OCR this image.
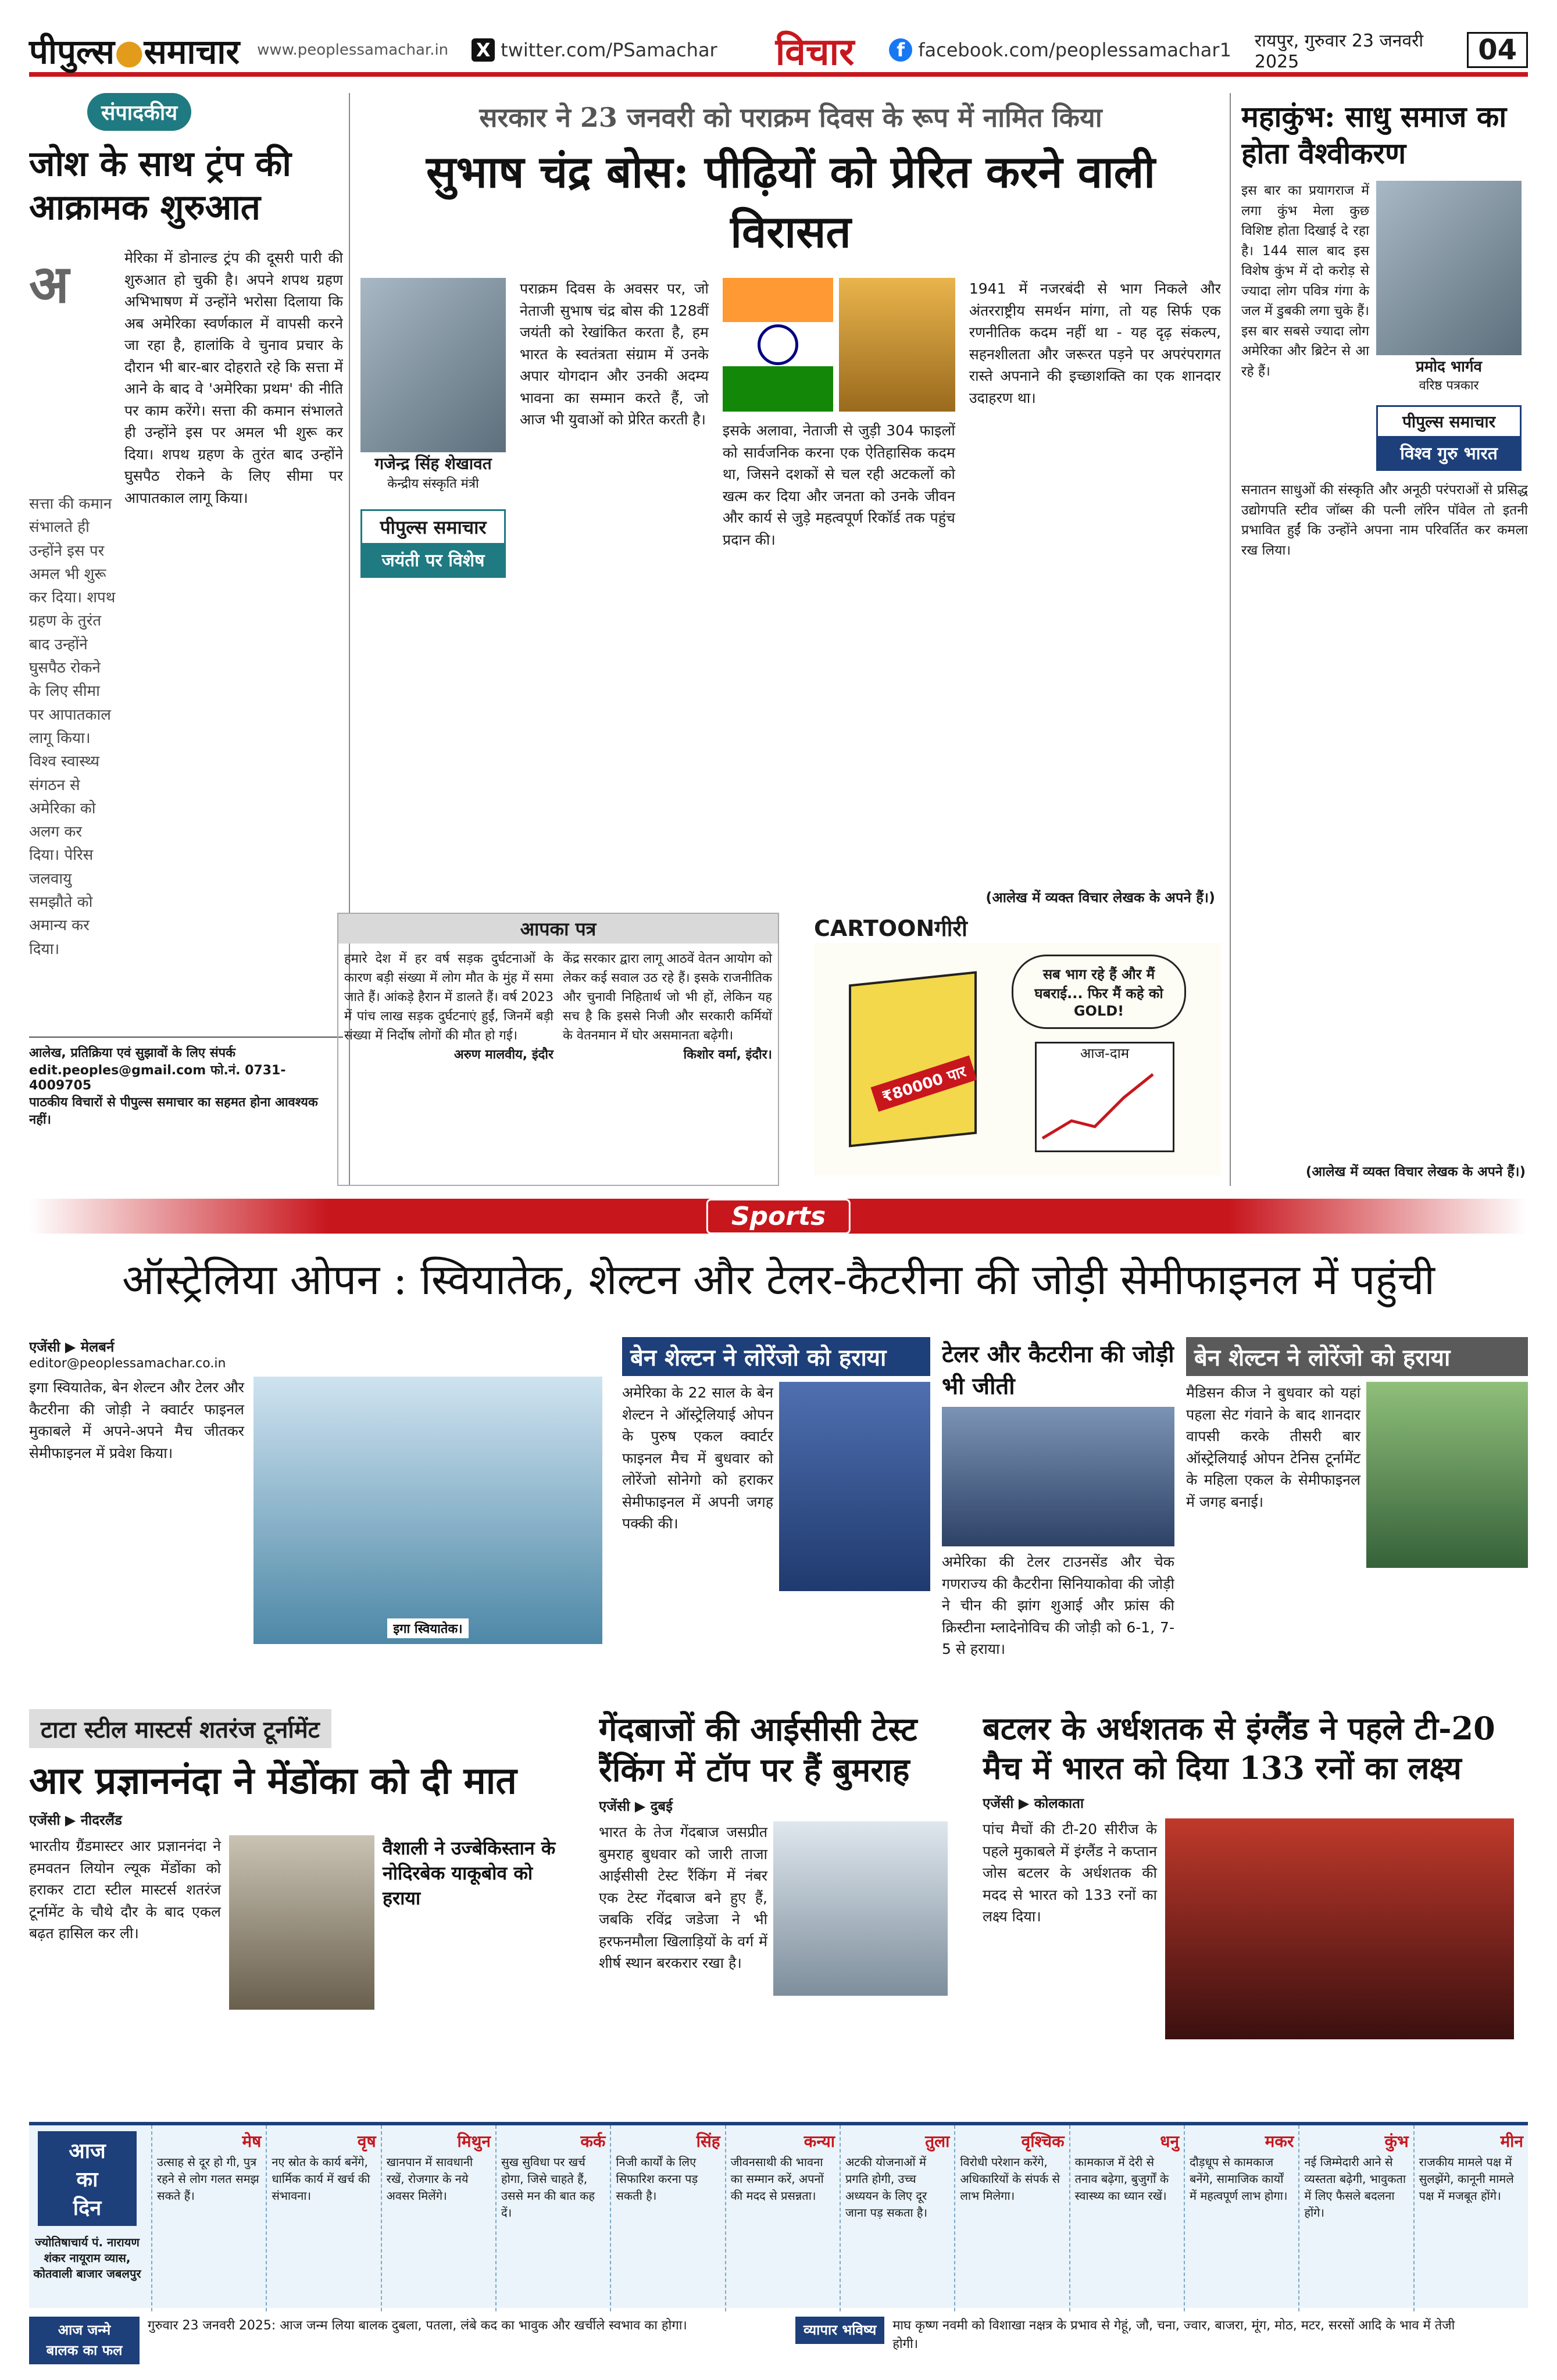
पीपुल्स●समाचार www.peoplessamachar.in X twitter.com/PSamachar विचार	f facebook.com/peoplessamachar1 रायपुर, गुरुवार 23 जनवरी 2025	04
संपादकीय
जोश के साथ ट्रंप की आक्रामक शुरुआत
अ
सत्ता की कमान संभालते ही उन्होंने इस पर अमल भी शुरू कर दिया। शपथ ग्रहण के तुरंत बाद उन्होंने घुसपैठ रोकने के लिए सीमा पर आपातकाल लागू किया। विश्व स्वास्थ्य संगठन से अमेरिका को अलग कर दिया। पेरिस जलवायु समझौते को अमान्य कर दिया।
मेरिका में डोनाल्ड ट्रंप की दूसरी पारी की शुरुआत हो चुकी है। अपने शपथ ग्रहण अभिभाषण में उन्होंने भरोसा दिलाया कि अब अमेरिका स्वर्णकाल में वापसी करने जा रहा है, हालांकि वे चुनाव प्रचार के दौरान भी बार-बार दोहराते रहे कि सत्ता में आने के बाद वे 'अमेरिका प्रथम' की नीति पर काम करेंगे। सत्ता की कमान संभालते ही उन्होंने इस पर अमल भी शुरू कर दिया। शपथ ग्रहण के तुरंत बाद उन्होंने घुसपैठ रोकने के लिए सीमा पर आपातकाल लागू किया।
आलेख, प्रतिक्रिया एवं सुझावों के लिए संपर्क
edit.peoples@gmail.com फो.नं. 0731-4009705
पाठकीय विचारों से पीपुल्स समाचार का सहमत होना आवश्यक नहीं।
सरकार ने 23 जनवरी को पराक्रम दिवस के रूप में नामित किया
सुभाष चंद्र बोस: पीढ़ियों को प्रेरित करने वाली विरासत
गजेन्द्र सिंह शेखावत
केन्द्रीय संस्कृति मंत्री
पीपुल्स समाचार
जयंती पर विशेष
पराक्रम दिवस के अवसर पर, जो नेताजी सुभाष चंद्र बोस की 128वीं जयंती को रेखांकित करता है, हम भारत के स्वतंत्रता संग्राम में उनके अपार योगदान और उनकी अदम्य भावना का सम्मान करते हैं, जो आज भी युवाओं को प्रेरित करती है।
इसके अलावा, नेताजी से जुड़ी 304 फाइलों को सार्वजनिक करना एक ऐतिहासिक कदम था, जिसने दशकों से चल रही अटकलों को खत्म कर दिया और जनता को उनके जीवन और कार्य से जुड़े महत्वपूर्ण रिकॉर्ड तक पहुंच प्रदान की।
1941 में नजरबंदी से भाग निकले और अंतरराष्ट्रीय समर्थन मांगा, तो यह सिर्फ एक रणनीतिक कदम नहीं था - यह दृढ़ संकल्प, सहनशीलता और जरूरत पड़ने पर अपरंपरागत रास्ते अपनाने की इच्छाशक्ति का एक शानदार उदाहरण था।
(आलेख में व्यक्त विचार लेखक के अपने हैं।)
आपका पत्र
हमारे देश में हर वर्ष सड़क दुर्घटनाओं के कारण बड़ी संख्या में लोग मौत के मुंह में समा जाते हैं। आंकड़े हैरान में डालते हैं। वर्ष 2023 में पांच लाख सड़क दुर्घटनाएं हुईं, जिनमें बड़ी संख्या में निर्दोष लोगों की मौत हो गई।
अरुण मालवीय, इंदौर
केंद्र सरकार द्वारा लागू आठवें वेतन आयोग को लेकर कई सवाल उठ रहे हैं। इसके राजनीतिक और चुनावी निहितार्थ जो भी हों, लेकिन यह सच है कि इससे निजी और सरकारी कर्मियों के वेतनमान में घोर असमानता बढ़ेगी।
किशोर वर्मा, इंदौर।
CARTOONगीरी
₹80000 पार
सब भाग रहे हैं और मैं घबराई... फिर मैं कहे को GOLD!
आज-दाम
महाकुंभ: साधु समाज का होता वैश्वीकरण
इस बार का प्रयागराज में लगा कुंभ मेला कुछ विशिष्ट होता दिखाई दे रहा है। 144 साल बाद इस विशेष कुंभ में दो करोड़ से ज्यादा लोग पवित्र गंगा के जल में डुबकी लगा चुके हैं। इस बार सबसे ज्यादा लोग अमेरिका और ब्रिटेन से आ रहे हैं।	प्रमोद भार्गव
वरिष्ठ पत्रकार
पीपुल्स समाचार
विश्व गुरु भारत
सनातन साधुओं की संस्कृति और अनूठी परंपराओं से प्रसिद्ध उद्योगपति स्टीव जॉब्स की पत्नी लॉरेन पॉवेल तो इतनी प्रभावित हुईं कि उन्होंने अपना नाम परिवर्तित कर कमला रख लिया।
(आलेख में व्यक्त विचार लेखक के अपने हैं।)
Sports
ऑस्ट्रेलिया ओपन : स्वियातेक, शेल्टन और टेलर-कैटरीना की जोड़ी सेमीफाइनल में पहुंची
एजेंसी ▶ मेलबर्न
editor@peoplessamachar.co.in
इगा स्वियातेक, बेन शेल्टन और टेलर और कैटरीना की जोड़ी ने क्वार्टर फाइनल मुकाबले में अपने-अपने मैच जीतकर सेमीफाइनल में प्रवेश किया।
इगा स्वियातेक।
बेन शेल्टन ने लोरेंजो को हराया
अमेरिका के 22 साल के बेन शेल्टन ने ऑस्ट्रेलियाई ओपन के पुरुष एकल क्वार्टर फाइनल मैच में बुधवार को लोरेंजो सोनेगो को हराकर सेमीफाइनल में अपनी जगह पक्की की।
टेलर और कैटरीना की जोड़ी भी जीती
अमेरिका की टेलर टाउनसेंड और चेक गणराज्य की कैटरीना सिनियाकोवा की जोड़ी ने चीन की झांग शुआई और फ्रांस की क्रिस्टीना म्लादेनोविच की जोड़ी को 6-1, 7-5 से हराया।
बेन शेल्टन ने लोरेंजो को हराया
मैडिसन कीज ने बुधवार को यहां पहला सेट गंवाने के बाद शानदार वापसी करके तीसरी बार ऑस्ट्रेलियाई ओपन टेनिस टूर्नामेंट के महिला एकल के सेमीफाइनल में जगह बनाई।
टाटा स्टील मास्टर्स शतरंज टूर्नामेंट
आर प्रज्ञाननंदा ने मेंडोंका को दी मात
एजेंसी ▶ नीदरलैंड
भारतीय ग्रैंडमास्टर आर प्रज्ञाननंदा ने हमवतन लियोन ल्यूक मेंडोंका को हराकर टाटा स्टील मास्टर्स शतरंज टूर्नामेंट के चौथे दौर के बाद एकल बढ़त हासिल कर ली।
वैशाली ने उज्बेकिस्तान के नोदिरबेक याकूबोव को हराया
गेंदबाजों की आईसीसी टेस्ट रैंकिंग में टॉप पर हैं बुमराह
एजेंसी ▶ दुबई
भारत के तेज गेंदबाज जसप्रीत बुमराह बुधवार को जारी ताजा आईसीसी टेस्ट रैंकिंग में नंबर एक टेस्ट गेंदबाज बने हुए हैं, जबकि रविंद्र जडेजा ने भी हरफनमौला खिलाड़ियों के वर्ग में शीर्ष स्थान बरकरार रखा है।
बटलर के अर्धशतक से इंग्लैंड ने पहले टी-20 मैच में भारत को दिया 133 रनों का लक्ष्य
एजेंसी ▶ कोलकाता
पांच मैचों की टी-20 सीरीज के पहले मुकाबले में इंग्लैंड ने कप्तान जोस बटलर के अर्धशतक की मदद से भारत को 133 रनों का लक्ष्य दिया।
आज
का
दिन
ज्योतिषाचार्य पं. नारायण शंकर नायूराम व्यास, कोतवाली बाजार जबलपुर
मेष
उत्साह से दूर हो गी, पुत्र रहने से लोग गलत समझ सकते हैं।
वृष
नए स्रोत के कार्य बनेंगे, धार्मिक कार्य में खर्च की संभावना।
मिथुन
खानपान में सावधानी रखें, रोजगार के नये अवसर मिलेंगे।
कर्क
सुख सुविधा पर खर्च होगा, जिसे चाहते हैं, उससे मन की बात कह दें।
सिंह
निजी कार्यों के लिए सिफारिश करना पड़ सकती है।
कन्या
जीवनसाथी की भावना का सम्मान करें, अपनों की मदद से प्रसन्नता।
तुला
अटकी योजनाओं में प्रगति होगी, उच्च अध्ययन के लिए दूर जाना पड़ सकता है।
वृश्चिक
विरोधी परेशान करेंगे, अधिकारियों के संपर्क से लाभ मिलेगा।
धनु
कामकाज में देरी से तनाव बढ़ेगा, बुजुर्गों के स्वास्थ्य का ध्यान रखें।
मकर
दौड़धूप से कामकाज बनेंगे, सामाजिक कार्यों में महत्वपूर्ण लाभ होगा।
कुंभ
नई जिम्मेदारी आने से व्यस्तता बढ़ेगी, भावुकता में लिए फैसले बदलना होंगे।
मीन
राजकीय मामले पक्ष में सुलझेंगे, कानूनी मामले पक्ष में मजबूत होंगे।
आज जन्मे
बालक का फल
गुरुवार 23 जनवरी 2025: आज जन्म लिया बालक दुबला, पतला, लंबे कद का भावुक और खर्चीले स्वभाव का होगा।	व्यापार भविष्य	माघ कृष्ण नवमी को विशाखा नक्षत्र के प्रभाव से गेहूं, जौ, चना, ज्वार, बाजरा, मूंग, मोठ, मटर, सरसों आदि के भाव में तेजी होगी।
